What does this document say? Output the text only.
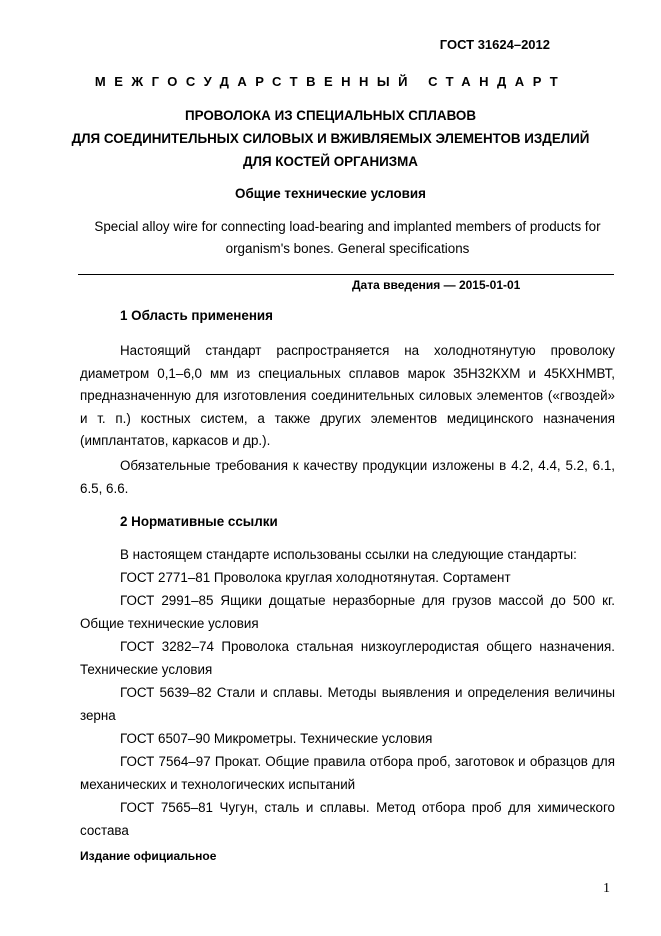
ГОСТ 31624–2012
МЕЖГОСУДАРСТВЕННЫЙ СТАНДАРТ
ПРОВОЛОКА ИЗ СПЕЦИАЛЬНЫХ СПЛАВОВ
ДЛЯ СОЕДИНИТЕЛЬНЫХ СИЛОВЫХ И ВЖИВЛЯЕМЫХ ЭЛЕМЕНТОВ ИЗДЕЛИЙ
ДЛЯ КОСТЕЙ ОРГАНИЗМА
Общие технические условия
Special alloy wire for connecting load-bearing and implanted members of products for organism's bones. General specifications
Дата введения — 2015-01-01
1 Область применения
Настоящий стандарт распространяется на холоднотянутую проволоку диаметром 0,1–6,0 мм из специальных сплавов марок 35Н32КХМ и 45КХНМВТ, предназначенную для изготовления соединительных силовых элементов («гвоздей» и т. п.) костных систем, а также других элементов медицинского назначения (имплантатов, каркасов и др.).
Обязательные требования к качеству продукции изложены в 4.2, 4.4, 5.2, 6.1, 6.5, 6.6.
2 Нормативные ссылки
В настоящем стандарте использованы ссылки на следующие стандарты:
ГОСТ 2771–81 Проволока круглая холоднотянутая. Сортамент
ГОСТ 2991–85 Ящики дощатые неразборные для грузов массой до 500 кг. Общие технические условия
ГОСТ 3282–74 Проволока стальная низкоуглеродистая общего назначения. Технические условия
ГОСТ 5639–82 Стали и сплавы. Методы выявления и определения величины зерна
ГОСТ 6507–90 Микрометры. Технические условия
ГОСТ 7564–97 Прокат. Общие правила отбора проб, заготовок и образцов для механических и технологических испытаний
ГОСТ 7565–81 Чугун, сталь и сплавы. Метод отбора проб для химического состава
Издание официальное
1
